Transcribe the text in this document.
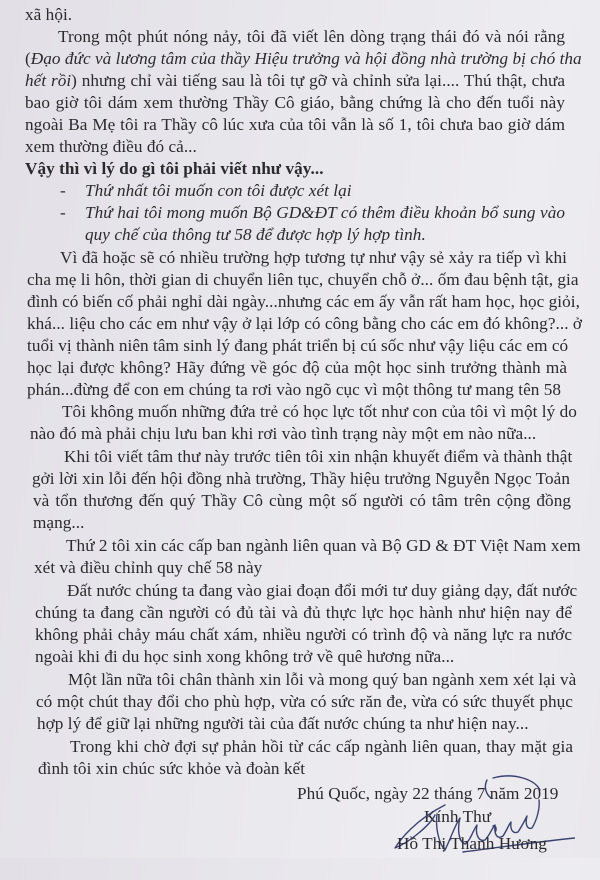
xã hội.
Trong một phút nóng nảy, tôi đã viết lên dòng trạng thái đó và nói rằng
(Đạo đức và lương tâm của thầy Hiệu trưởng và hội đồng nhà trường bị chó tha
hết rồi) nhưng chỉ vài tiếng sau là tôi tự gỡ và chỉnh sửa lại.... Thú thật, chưa
bao giờ tôi dám xem thường Thầy Cô giáo, bằng chứng là cho đến tuổi này
ngoài Ba Mẹ tôi ra Thầy cô lúc xưa của tôi vẫn là số 1, tôi chưa bao giờ dám
xem thường điều đó cả...
Vậy thì vì lý do gì tôi phải viết như vậy...
- Thứ nhất tôi muốn con tôi được xét lại
- Thứ hai tôi mong muốn Bộ GD&ĐT có thêm điều khoản bổ sung vào
quy chế của thông tư 58 để được hợp lý hợp tình.
Vì đã hoặc sẽ có nhiều trường hợp tương tự như vậy sẻ xảy ra tiếp vì khi
cha mẹ li hôn, thời gian di chuyển liên tục, chuyển chỗ ở... ốm đau bệnh tật, gia
đình có biến cố phải nghỉ dài ngày...nhưng các em ấy vẫn rất ham học, học giỏi,
khá... liệu cho các em như vậy ở lại lớp có công bằng cho các em đó không?... ở
tuổi vị thành niên tâm sinh lý đang phát triển bị cú sốc như vậy liệu các em có
học lại được không? Hãy đứng về góc độ của một học sinh trưởng thành mà
phán...đừng để con em chúng ta rơi vào ngõ cục vì một thông tư mang tên 58
Tôi không muốn những đứa trẻ có học lực tốt như con của tôi vì một lý do
nào đó mà phải chịu lưu ban khi rơi vào tình trạng này một em nào nữa...
Khi tôi viết tâm thư này trước tiên tôi xin nhận khuyết điểm và thành thật
gởi lời xin lỗi đến hội đồng nhà trường, Thầy hiệu trưởng Nguyễn Ngọc Toản
và tổn thương đến quý Thầy Cô cùng một số người có tâm trên cộng đồng
mạng...
Thứ 2 tôi xin các cấp ban ngành liên quan và Bộ GD & ĐT Việt Nam xem
xét và điều chỉnh quy chế 58 này
Đất nước chúng ta đang vào giai đoạn đổi mới tư duy giảng dạy, đất nước
chúng ta đang cần người có đủ tài và đủ thực lực học hành như hiện nay để
không phải chảy máu chất xám, nhiều người có trình độ và năng lực ra nước
ngoài khi đi du học sinh xong không trở về quê hương nữa...
Một lần nữa tôi chân thành xin lỗi và mong quý ban ngành xem xét lại và
có một chút thay đổi cho phù hợp, vừa có sức răn đe, vừa có sức thuyết phục
hợp lý để giữ lại những người tài của đất nước chúng ta như hiện nay...
Trong khi chờ đợi sự phản hồi từ các cấp ngành liên quan, thay mặt gia
đình tôi xin chúc sức khỏe và đoàn kết
Phú Quốc, ngày 22 tháng 7 năm 2019
Kính Thư
Hồ Thị Thanh Hương
